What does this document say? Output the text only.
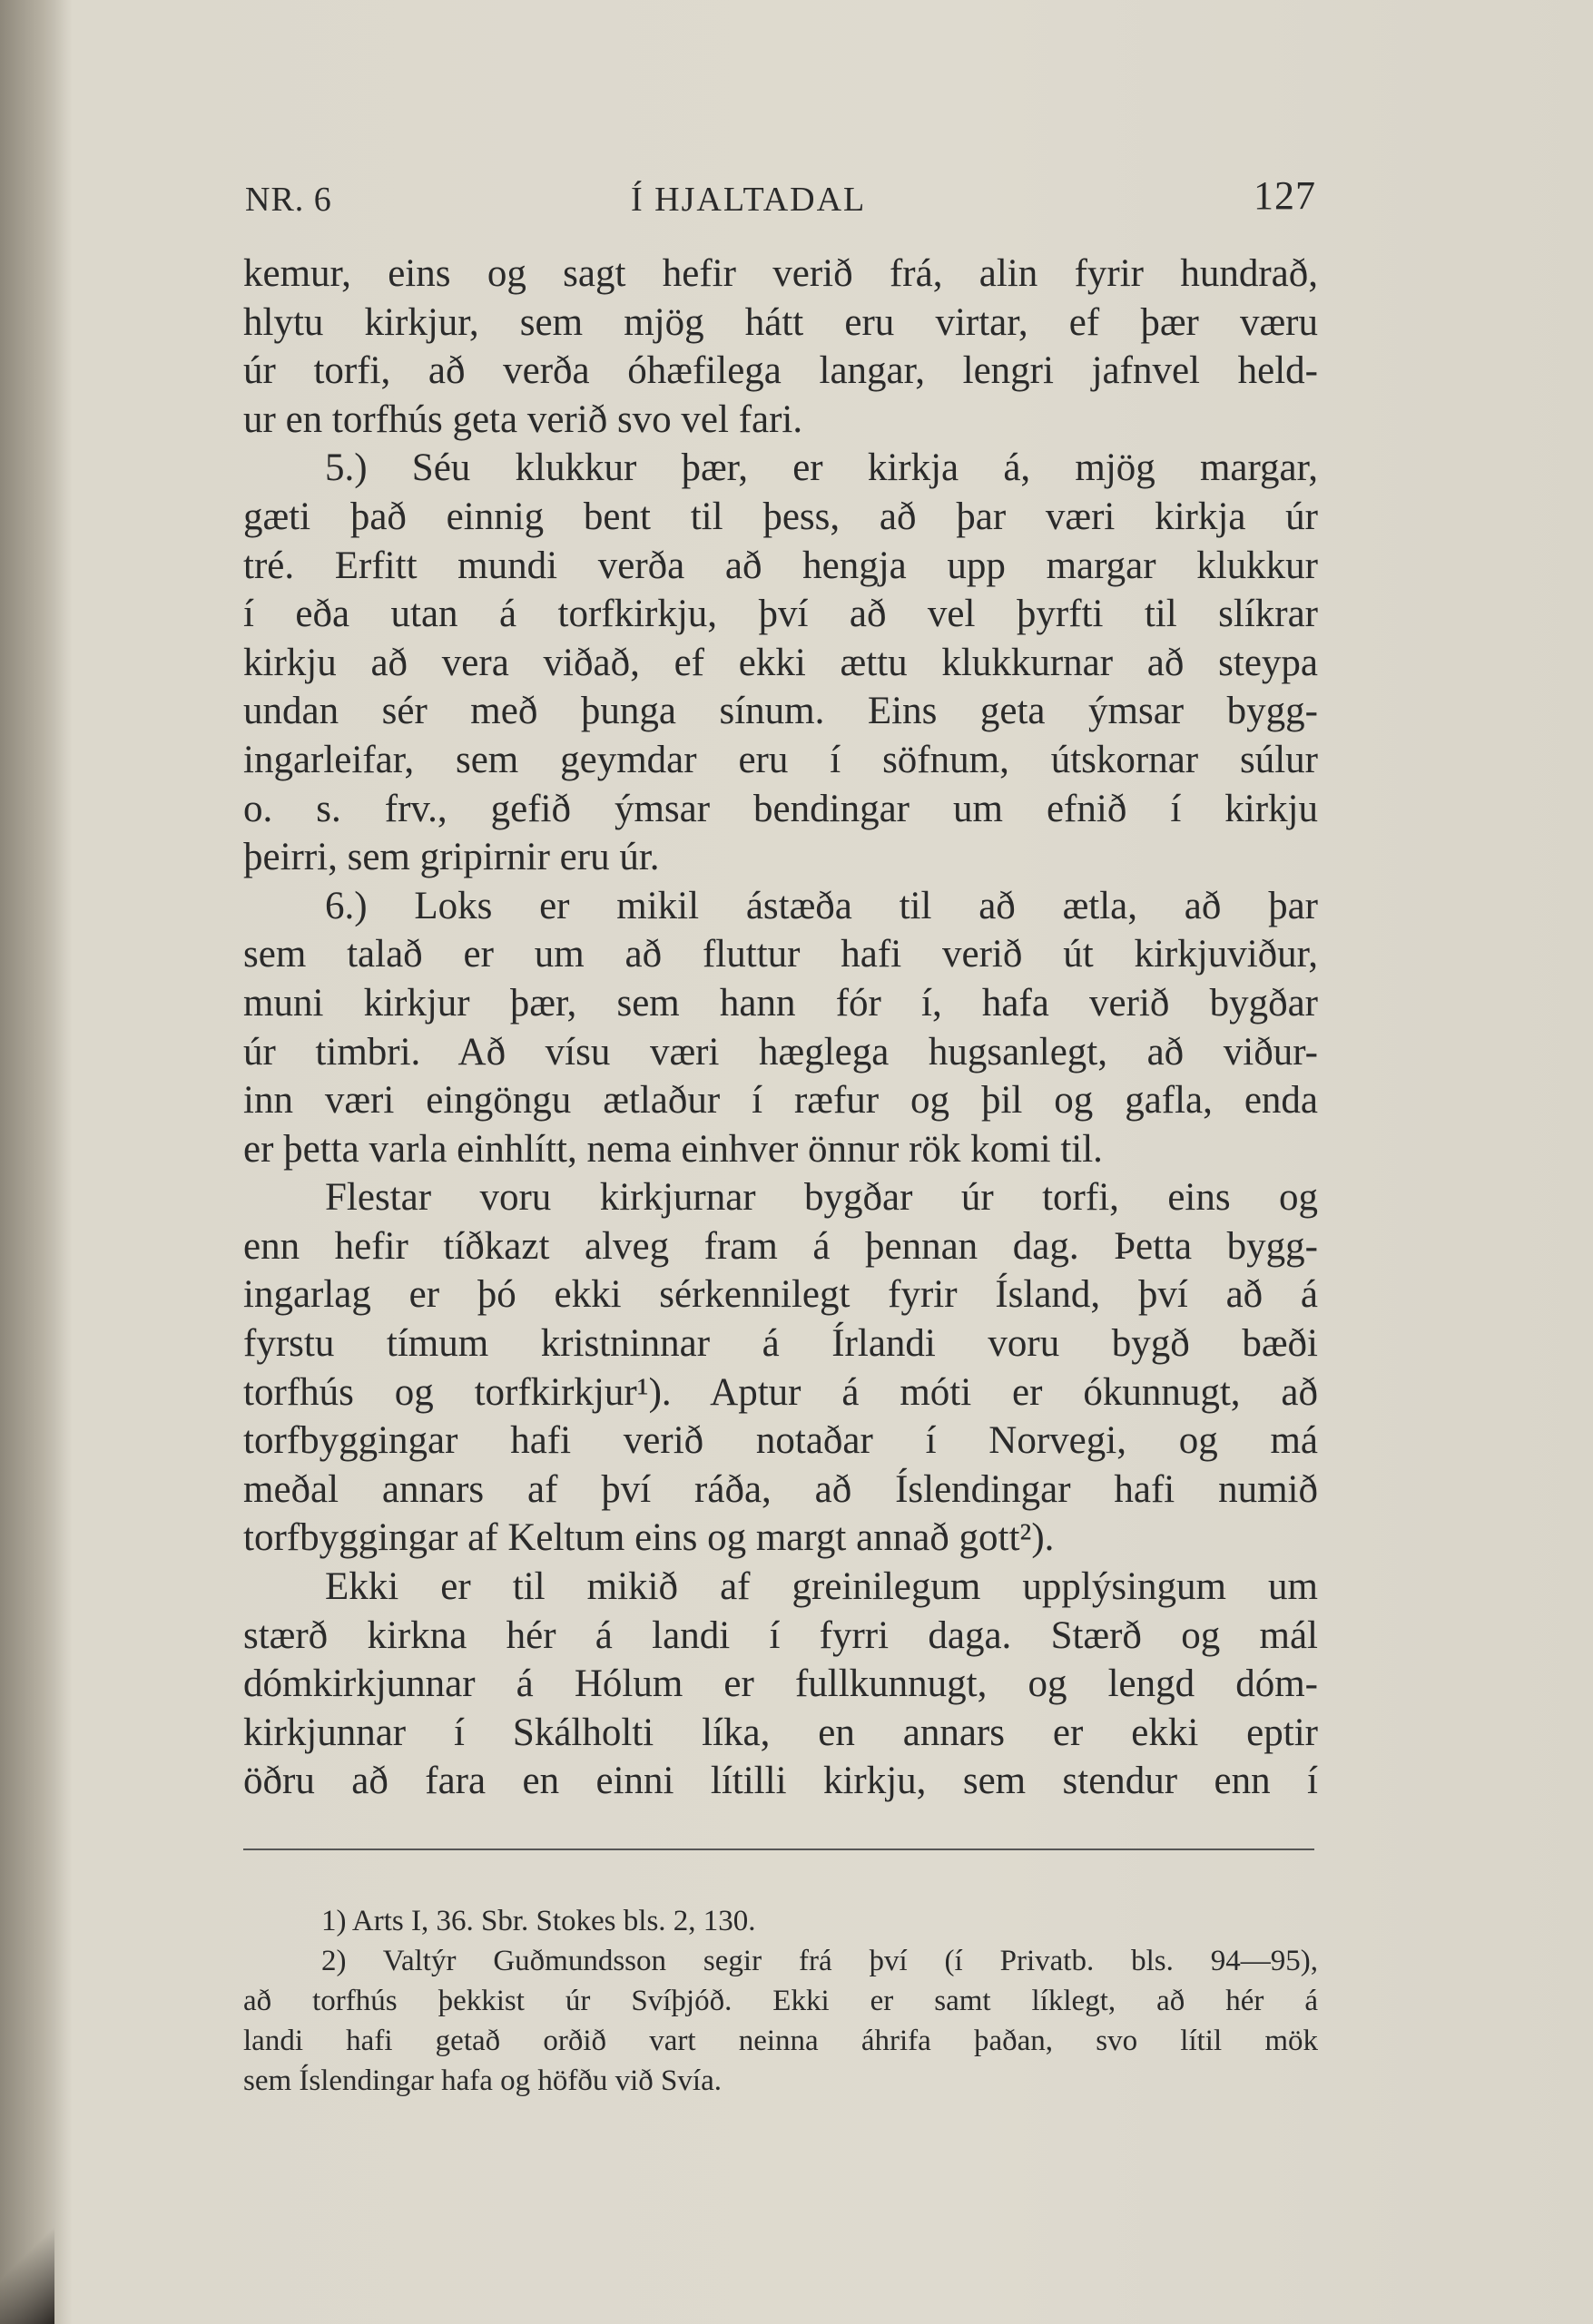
NR. 6	Í HJALTADAL	127
kemur, eins og sagt hefir verið frá, alin fyrir hundrað,
hlytu kirkjur, sem mjög hátt eru virtar, ef þær væru
úr torfi, að verða óhæfilega langar, lengri jafnvel held-
ur en torfhús geta verið svo vel fari.
5.) Séu klukkur þær, er kirkja á, mjög margar,
gæti það einnig bent til þess, að þar væri kirkja úr
tré. Erfitt mundi verða að hengja upp margar klukkur
í eða utan á torfkirkju, því að vel þyrfti til slíkrar
kirkju að vera viðað, ef ekki ættu klukkurnar að steypa
undan sér með þunga sínum. Eins geta ýmsar bygg-
ingarleifar, sem geymdar eru í söfnum, útskornar súlur
o. s. frv., gefið ýmsar bendingar um efnið í kirkju
þeirri, sem gripirnir eru úr.
6.) Loks er mikil ástæða til að ætla, að þar
sem talað er um að fluttur hafi verið út kirkjuviður,
muni kirkjur þær, sem hann fór í, hafa verið bygðar
úr timbri. Að vísu væri hæglega hugsanlegt, að viður-
inn væri eingöngu ætlaður í ræfur og þil og gafla, enda
er þetta varla einhlítt, nema einhver önnur rök komi til.
Flestar voru kirkjurnar bygðar úr torfi, eins og
enn hefir tíðkazt alveg fram á þennan dag. Þetta bygg-
ingarlag er þó ekki sérkennilegt fyrir Ísland, því að á
fyrstu tímum kristninnar á Írlandi voru bygð bæði
torfhús og torfkirkjur¹). Aptur á móti er ókunnugt, að
torfbyggingar hafi verið notaðar í Norvegi, og má
meðal annars af því ráða, að Íslendingar hafi numið
torfbyggingar af Keltum eins og margt annað gott²).
Ekki er til mikið af greinilegum upplýsingum um
stærð kirkna hér á landi í fyrri daga. Stærð og mál
dómkirkjunnar á Hólum er fullkunnugt, og lengd dóm-
kirkjunnar í Skálholti líka, en annars er ekki eptir
öðru að fara en einni lítilli kirkju, sem stendur enn í
1) Arts I, 36. Sbr. Stokes bls. 2, 130.
2) Valtýr Guðmundsson segir frá því (í Privatb. bls. 94—95),
að torfhús þekkist úr Svíþjóð. Ekki er samt líklegt, að hér á
landi hafi getað orðið vart neinna áhrifa þaðan, svo lítil mök
sem Íslendingar hafa og höfðu við Svía.
